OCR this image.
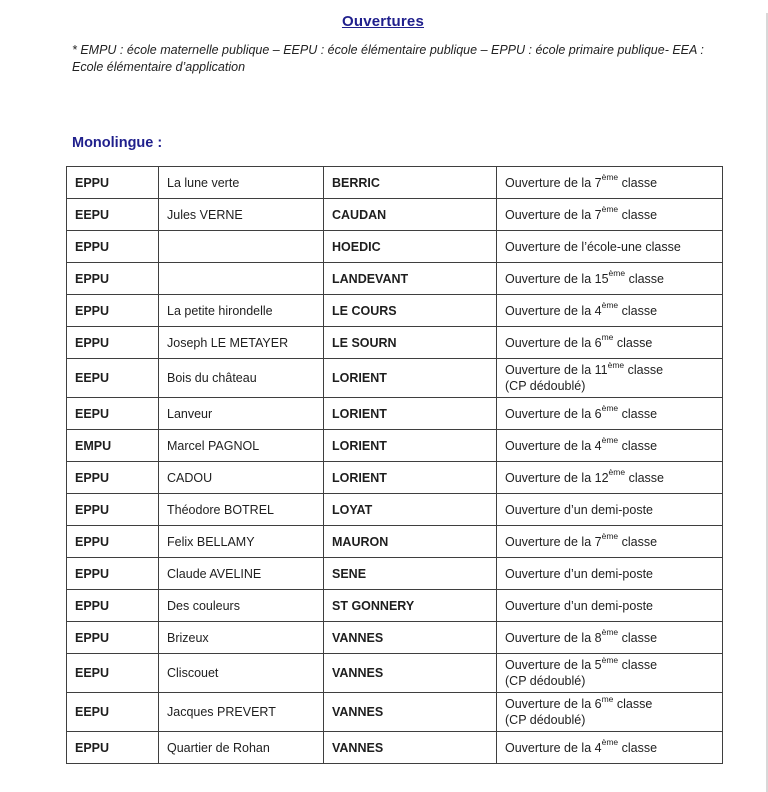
Ouvertures
* EMPU : école maternelle publique – EEPU : école élémentaire publique – EPPU : école primaire publique- EEA : Ecole élémentaire d’application
Monolingue :
EPPU	La lune verte	BERRIC	Ouverture de la 7ème classe
EEPU	Jules VERNE	CAUDAN	Ouverture de la 7ème classe
EPPU		HOEDIC	Ouverture de l’école-une classe
EPPU		LANDEVANT	Ouverture de la 15ème classe
EPPU	La petite hirondelle	LE COURS	Ouverture de la 4ème classe
EPPU	Joseph LE METAYER	LE SOURN	Ouverture de la $6^{me}$ classe
EEPU	Bois du château	LORIENT	Ouverture de la 11ème classe
(CP dédoublé)

EEPU	Lanveur	LORIENT	Ouverture de la 6ème classe
EMPU	Marcel PAGNOL	LORIENT	Ouverture de la 4ème classe
EPPU	CADOU	LORIENT	Ouverture de la 12ème classe
EPPU	Théodore BOTREL	LOYAT	Ouverture d’un demi-poste
EPPU	Felix BELLAMY	MAURON	Ouverture de la 7ème classe
EPPU	Claude AVELINE	SENE	Ouverture d’un demi-poste
EPPU	Des couleurs	ST GONNERY	Ouverture d’un demi-poste
EPPU	Brizeux	VANNES	Ouverture de la 8ème classe
EEPU	Cliscouet	VANNES	Ouverture de la 5ème classe
(CP dédoublé)

EEPU	Jacques PREVERT	VANNES	Ouverture de la $6^{me}$ classe
(CP dédoublé)

EPPU	Quartier de Rohan	VANNES	Ouverture de la 4ème classe
